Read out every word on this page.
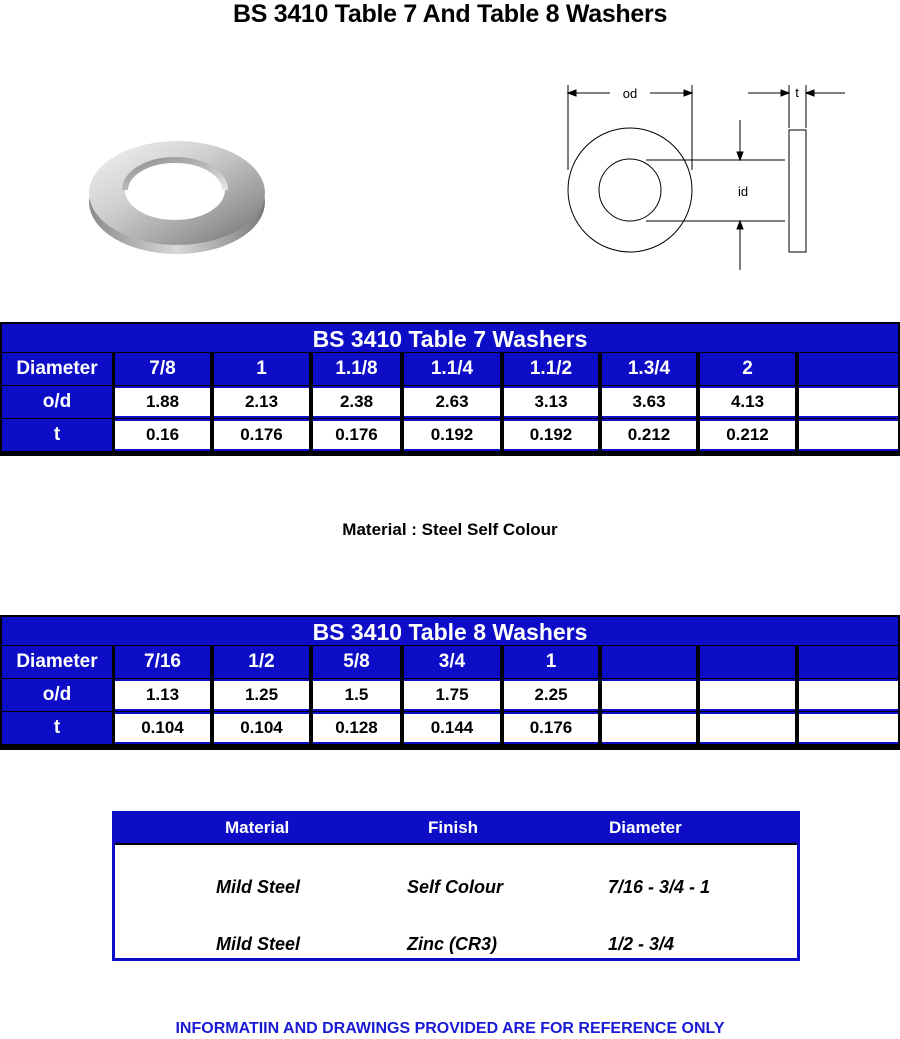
BS 3410 Table 7 And Table 8 Washers
od
id
t
BS 3410 Table 7 Washers
Diameter	7/8	1	1.1/8	1.1/4	1.1/2	1.3/4	2
o/d	1.88	2.13	2.38	2.63	3.13	3.63	4.13
t	0.16	0.176	0.176	0.192	0.192	0.212	0.212
Material : Steel Self Colour
BS 3410 Table 8 Washers
Diameter	7/16	1/2	5/8	3/4	1
o/d	1.13	1.25	1.5	1.75	2.25
t	0.104	0.104	0.128	0.144	0.176
Material	Finish	Diameter
Mild Steel	Self Colour	7/16 - 3/4 - 1
Mild Steel	Zinc (CR3)	1/2 - 3/4
INFORMATIIN AND DRAWINGS PROVIDED ARE FOR REFERENCE ONLY
